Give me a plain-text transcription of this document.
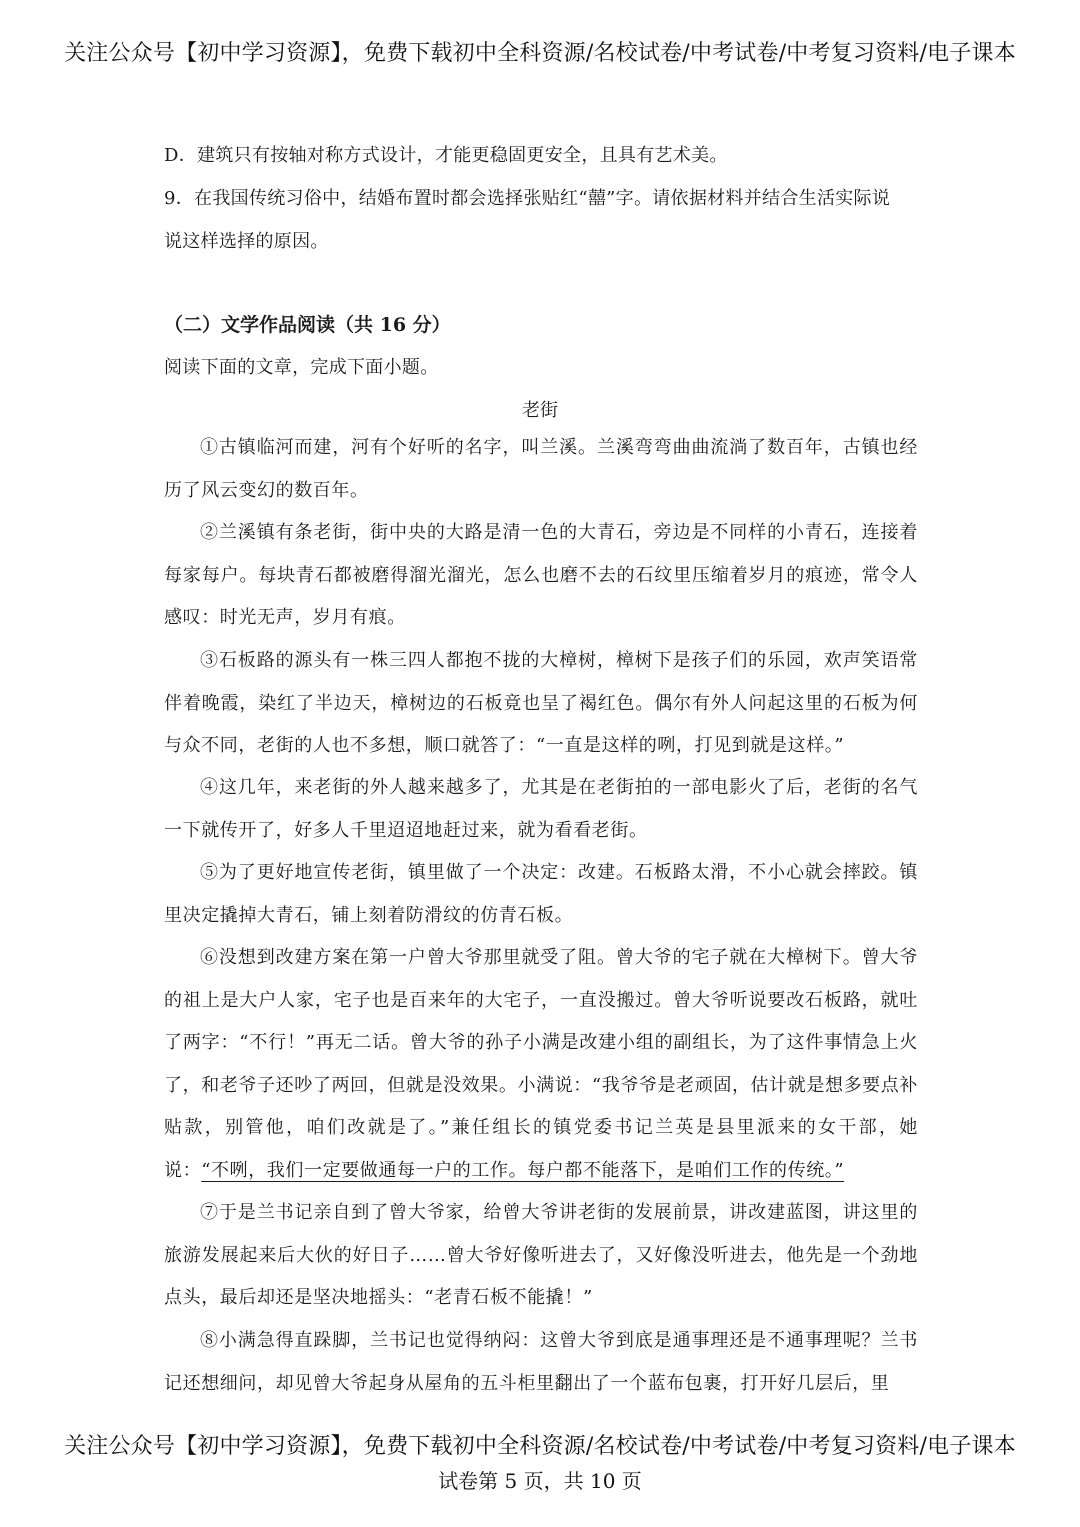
关注公众号【初中学习资源】，免费下载初中全科资源/名校试卷/中考试卷/中考复习资料/电子课本
D．建筑只有按轴对称方式设计，才能更稳固更安全，且具有艺术美。
9．在我国传统习俗中，结婚布置时都会选择张贴红“囍”字。请依据材料并结合生活实际说
说这样选择的原因。
（二）文学作品阅读（共 16 分）
阅读下面的文章，完成下面小题。
老街
①古镇临河而建，河有个好听的名字，叫兰溪。兰溪弯弯曲曲流淌了数百年，古镇也经历了风云变幻的数百年。
②兰溪镇有条老街，街中央的大路是清一色的大青石，旁边是不同样的小青石，连接着每家每户。每块青石都被磨得溜光溜光，怎么也磨不去的石纹里压缩着岁月的痕迹，常令人感叹：时光无声，岁月有痕。
③石板路的源头有一株三四人都抱不拢的大樟树，樟树下是孩子们的乐园，欢声笑语常伴着晚霞，染红了半边天，樟树边的石板竟也呈了褐红色。偶尔有外人问起这里的石板为何与众不同，老街的人也不多想，顺口就答了：“一直是这样的咧，打见到就是这样。”
④这几年，来老街的外人越来越多了，尤其是在老街拍的一部电影火了后，老街的名气一下就传开了，好多人千里迢迢地赶过来，就为看看老街。
⑤为了更好地宣传老街，镇里做了一个决定：改建。石板路太滑，不小心就会摔跤。镇里决定撬掉大青石，铺上刻着防滑纹的仿青石板。
⑥没想到改建方案在第一户曾大爷那里就受了阻。曾大爷的宅子就在大樟树下。曾大爷的祖上是大户人家，宅子也是百来年的大宅子，一直没搬过。曾大爷听说要改石板路，就吐了两字：“不行！”再无二话。曾大爷的孙子小满是改建小组的副组长，为了这件事情急上火了，和老爷子还吵了两回，但就是没效果。小满说：“我爷爷是老顽固，估计就是想多要点补贴款，别管他，咱们改就是了。”兼任组长的镇党委书记兰英是县里派来的女干部，她说：“不咧，我们一定要做通每一户的工作。每户都不能落下，是咱们工作的传统。”
⑦于是兰书记亲自到了曾大爷家，给曾大爷讲老街的发展前景，讲改建蓝图，讲这里的旅游发展起来后大伙的好日子……曾大爷好像听进去了，又好像没听进去，他先是一个劲地点头，最后却还是坚决地摇头：“老青石板不能撬！”
⑧小满急得直跺脚，兰书记也觉得纳闷：这曾大爷到底是通事理还是不通事理呢？兰书记还想细问，却见曾大爷起身从屋角的五斗柜里翻出了一个蓝布包裹，打开好几层后，里
关注公众号【初中学习资源】，免费下载初中全科资源/名校试卷/中考试卷/中考复习资料/电子课本
试卷第 5 页，共 10 页
